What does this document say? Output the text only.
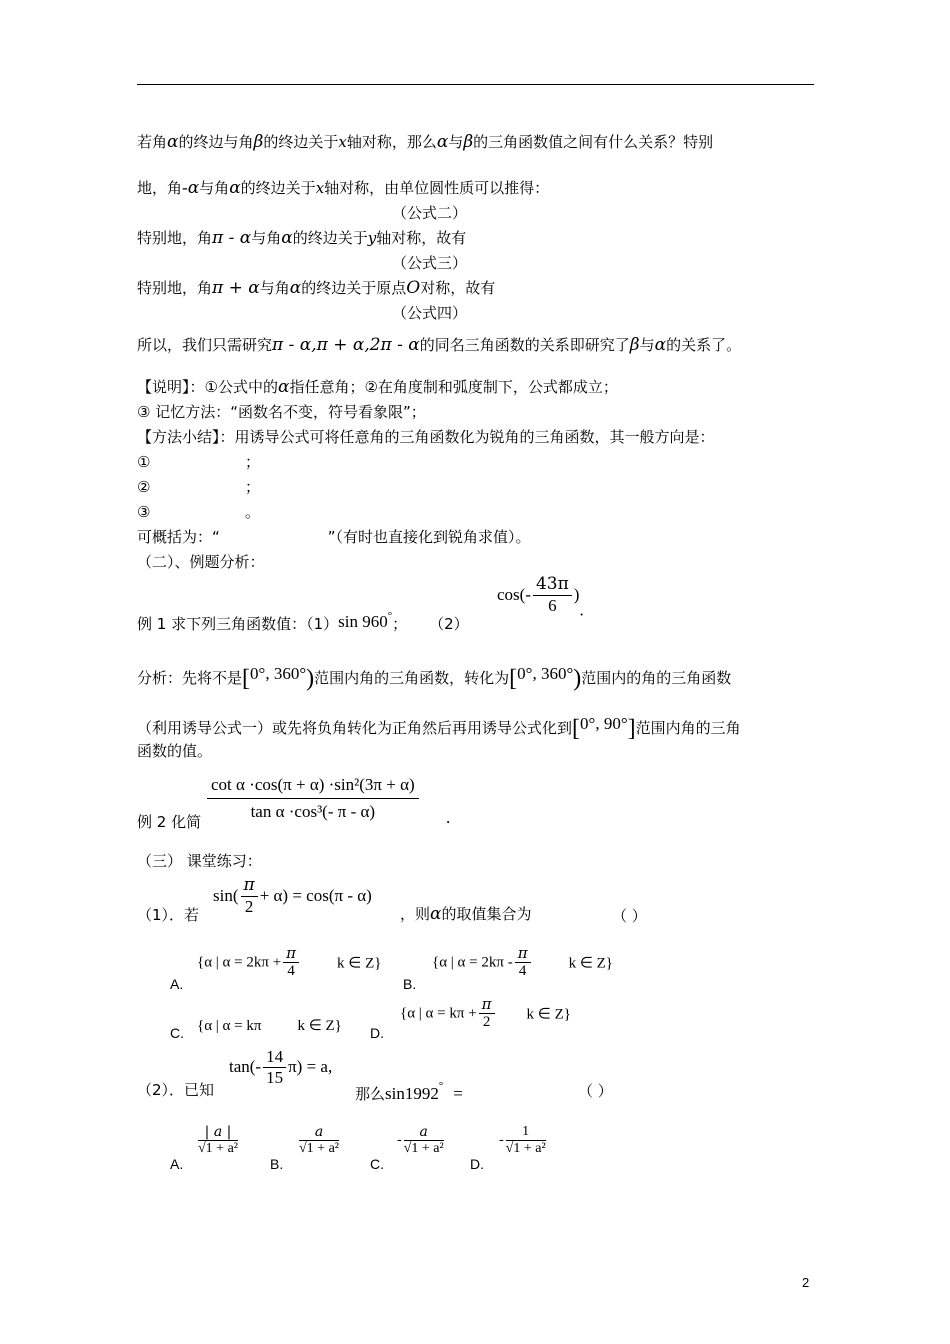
若角α的终边与角β的终边关于x轴对称，那么α与β的三角函数值之间有什么关系？特别
地，角-α与角α的终边关于x轴对称，由单位圆性质可以推得：
（公式二）
特别地，角π - α与角α的终边关于y轴对称，故有
（公式三）
特别地，角π + α与角α的终边关于原点O对称，故有
（公式四）
所以，我们只需研究π - α,π + α,2π - α的同名三角函数的关系即研究了β与α的关系了。
【说明】：①公式中的α指任意角；②在角度制和弧度制下，公式都成立；
③ 记忆方法：“函数名不变，符号看象限”；
【方法小结】：用诱导公式可将任意角的三角函数化为锐角的三角函数，其一般方向是：
①	；
②	；
③	。
可概括为：“	”（有时也直接化到锐角求值）。
（二）、例题分析：
例 1 求下列三角函数值：（1）sin 960°； （2）
$\cos(- \frac{43\pi}{6}$ ).
分析：先将不是[0°, 360°)范围内角的三角函数，转化为[0°, 360°)范围内的角的三角函数
（利用诱导公式一）或先将负角转化为正角然后再用诱导公式化到[0°, 90°]范围内角的三角
函数的值。
$\frac{\text{cot α ·cos(π + α) ·sin²(3π + α)}}{\text{tan α ·cos³(- π - α)}}$
例 2 化简	.
（三） 课堂练习：
（1）．若
$\sin( \frac{\pi}{2} + \alpha) = \cos(\pi - \alpha)$
，则α的取值集合为	（ ）
A.
{α | $\alpha = 2k\pi + \frac{\pi}{4}$	k ∈ Z}
B.
{α | $\alpha = 2k\pi - \frac{\pi}{4}$	k ∈ Z}
C. {α | α = kπ k ∈ Z} D.
{α | $\alpha = k\pi + \frac{\pi}{2}$ k ∈ Z}
（2）．已知
$\tan(- \frac{14}{15} \pi) = a$,
那么sin1992° =	（ ）
A.
$\frac{| a |}{\text{√1 + a²}}$
B.
$\frac{a}{\text{√1 + a²}}$
C.
- $\frac{a}{\text{√1 + a²}}$
D.
- $\frac{1}{\text{√1 + a²}}$
2
